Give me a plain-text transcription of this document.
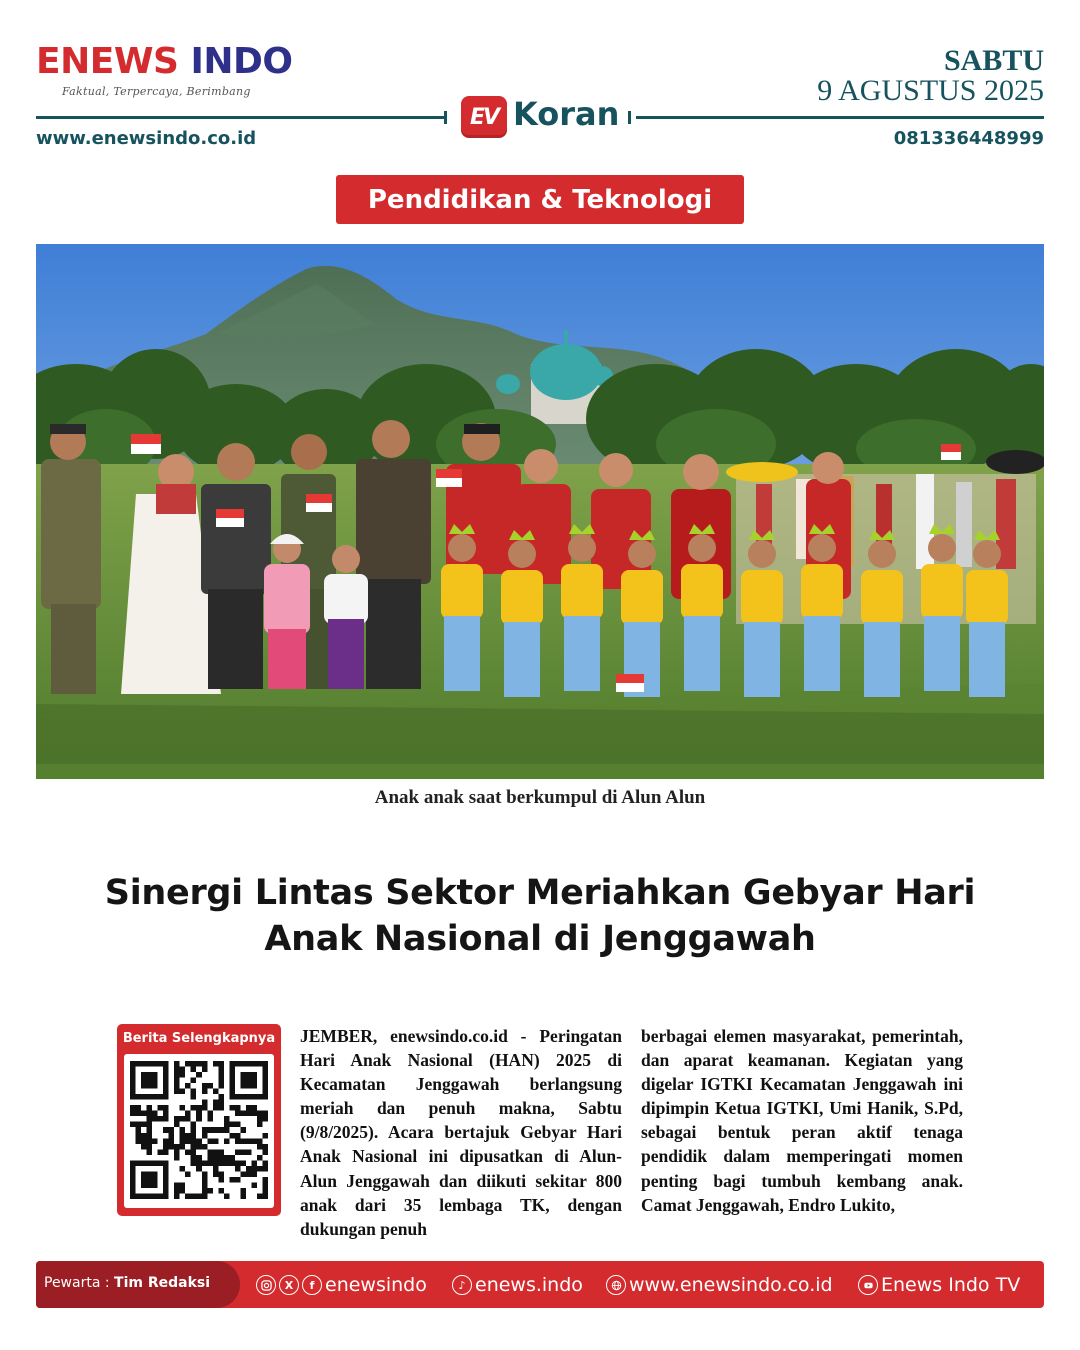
ENEWS INDO
Faktual, Terpercaya, Berimbang
SABTU
9 AGUSTUS 2025
EV Koran
www.enewsindo.co.id	081336448999
Pendidikan & Teknologi
Anak anak saat berkumpul di Alun Alun
Sinergi Lintas Sektor Meriahkan Gebyar Hari
Anak Nasional di Jenggawah
Berita Selengkapnya	JEMBER, enewsindo.co.id - Peringatan Hari Anak Nasional (HAN) 2025 di Kecamatan Jenggawah berlangsung meriah dan penuh makna, Sabtu (9/8/2025). Acara bertajuk Gebyar Hari Anak Nasional ini dipusatkan di Alun-Alun Jenggawah dan diikuti sekitar 800 anak dari 35 lembaga TK, dengan dukungan penuh
berbagai elemen masyarakat, pemerintah, dan aparat keamanan. Kegiatan yang digelar IGTKI Kecamatan Jenggawah ini dipimpin Ketua IGTKI, Umi Hanik, S.Pd, sebagai bentuk peran aktif tenaga pendidik dalam memperingati momen penting bagi tumbuh kembang anak. Camat Jenggawah, Endro Lukito,
Pewarta : Tim Redaksi	X	f enewsindo	♪ enews.indo www.enewsindo.co.id	Enews Indo TV
